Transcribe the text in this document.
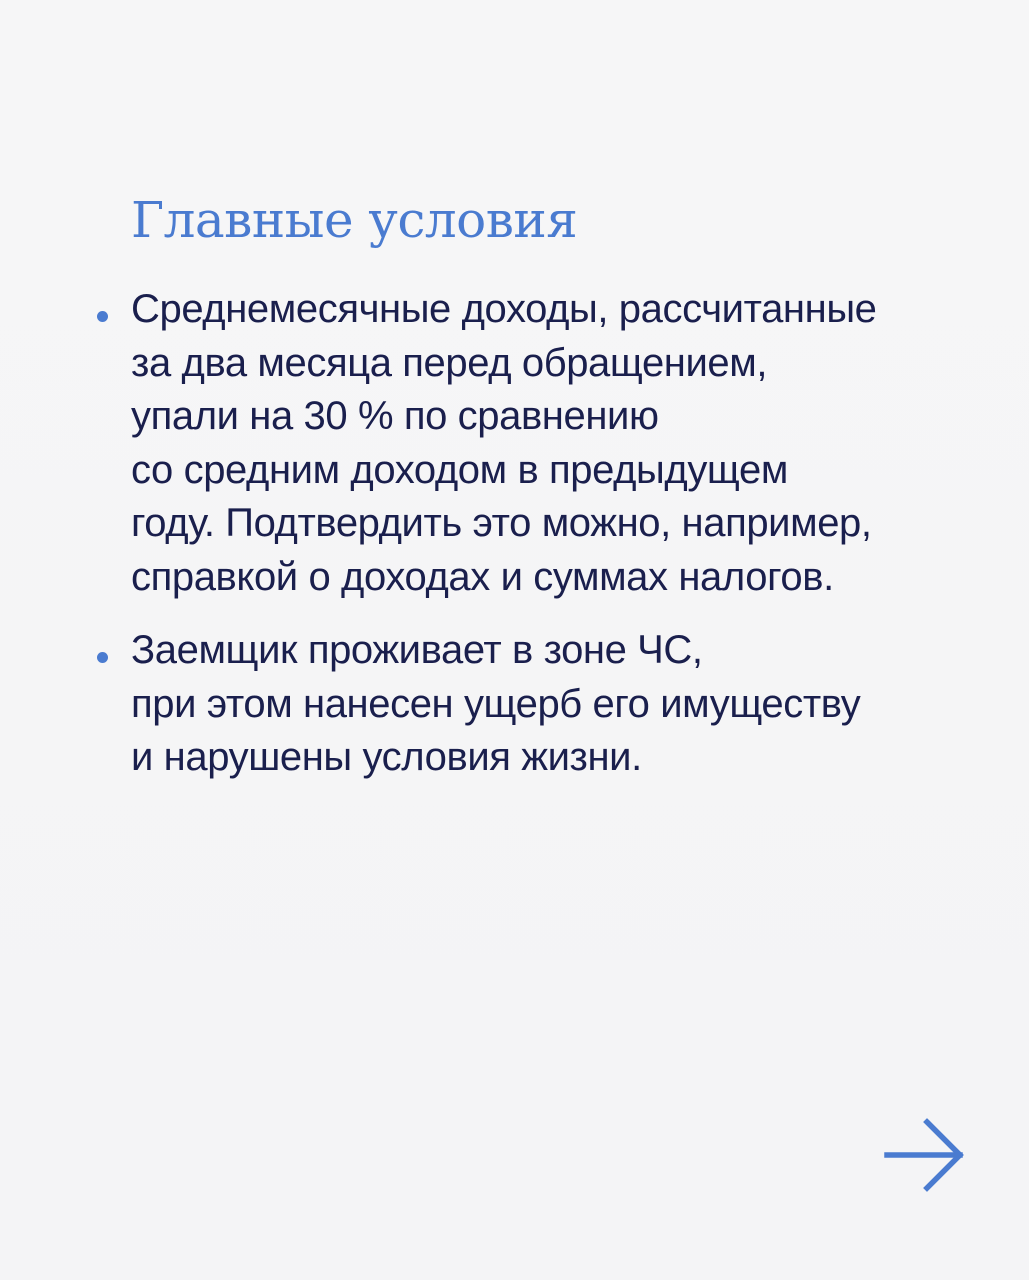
Главные условия
Среднемесячные доходы, рассчитанные
за два месяца перед обращением,
упали на 30 % по сравнению
со средним доходом в предыдущем
году. Подтвердить это можно, например,
справкой о доходах и суммах налогов.
Заемщик проживает в зоне ЧС,
при этом нанесен ущерб его имуществу
и нарушены условия жизни.
